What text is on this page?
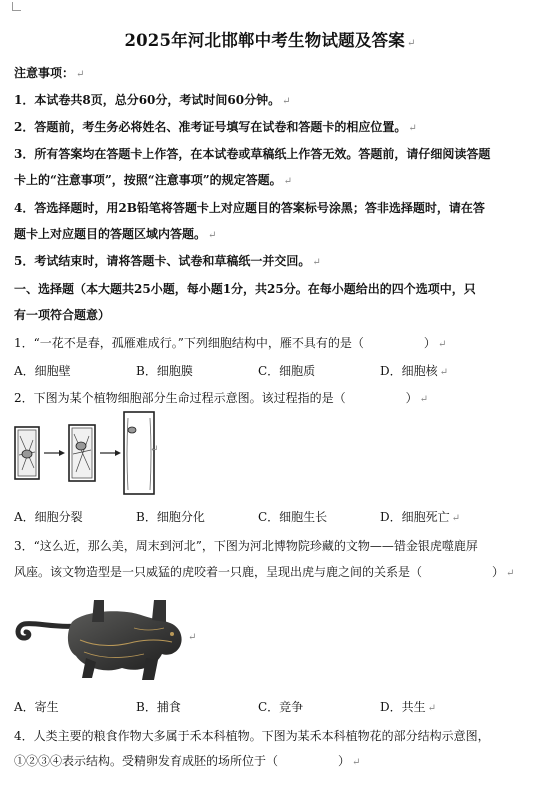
2025年河北邯郸中考生物试题及答案 ↵
注意事项： ↵
1．本试卷共8页，总分60分，考试时间60分钟。 ↵
2．答题前，考生务必将姓名、准考证号填写在试卷和答题卡的相应位置。 ↵
3．所有答案均在答题卡上作答，在本试卷或草稿纸上作答无效。答题前，请仔细阅读答题
卡上的“注意事项”，按照“注意事项”的规定答题。 ↵
4．答选择题时，用2B铅笔将答题卡上对应题目的答案标号涂黑；答非选择题时，请在答
题卡上对应题目的答题区域内答题。 ↵
5．考试结束时，请将答题卡、试卷和草稿纸一并交回。 ↵
一、选择题（本大题共25小题，每小题1分，共25分。在每小题给出的四个选项中，只
有一项符合题意）
1．“一花不是春，孤雁难成行。”下列细胞结构中，雁不具有的是（	） ↵
A．细胞壁	B．细胞膜	C．细胞质	D．细胞核 ↵
2．下图为某个植物细胞部分生命过程示意图。该过程指的是（	） ↵
↵
A．细胞分裂	B．细胞分化	C．细胞生长	D．细胞死亡 ↵
3．“这么近，那么美，周末到河北”，下图为河北博物院珍藏的文物——错金银虎噬鹿屏
风座。该文物造型是一只威猛的虎咬着一只鹿，呈现出虎与鹿之间的关系是（	） ↵
↵
A．寄生	B．捕食	C．竞争	D．共生 ↵
4．人类主要的粮食作物大多属于禾本科植物。下图为某禾本科植物花的部分结构示意图，
①②③④表示结构。受精卵发育成胚的场所位于（	） ↵
